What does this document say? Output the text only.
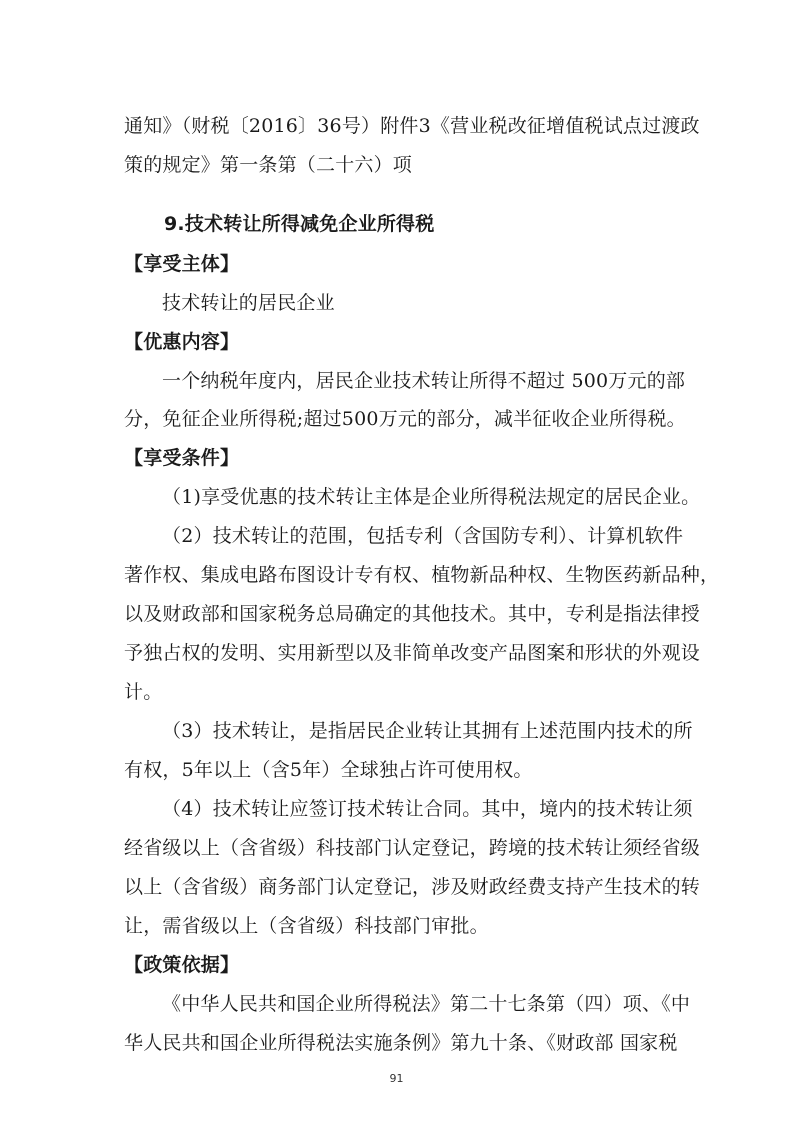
通知》（财税〔2016〕36号）附件3《营业税改征增值税试点过渡政
策的规定》第一条第（二十六）项
9.技术转让所得减免企业所得税
【享受主体】
技术转让的居民企业
【优惠内容】
一个纳税年度内，居民企业技术转让所得不超过 500万元的部
分，免征企业所得税;超过500万元的部分，减半征收企业所得税。
【享受条件】
（1)享受优惠的技术转让主体是企业所得税法规定的居民企业。
（2）技术转让的范围，包括专利（含国防专利）、计算机软件
著作权、集成电路布图设计专有权、植物新品种权、生物医药新品种，
以及财政部和国家税务总局确定的其他技术。其中，专利是指法律授
予独占权的发明、实用新型以及非简单改变产品图案和形状的外观设
计。
（3）技术转让，是指居民企业转让其拥有上述范围内技术的所
有权，5年以上（含5年）全球独占许可使用权。
（4）技术转让应签订技术转让合同。其中，境内的技术转让须
经省级以上（含省级）科技部门认定登记，跨境的技术转让须经省级
以上（含省级）商务部门认定登记，涉及财政经费支持产生技术的转
让，需省级以上（含省级）科技部门审批。
【政策依据】
《中华人民共和国企业所得税法》第二十七条第（四）项、《中
华人民共和国企业所得税法实施条例》第九十条、《财政部 国家税
91
